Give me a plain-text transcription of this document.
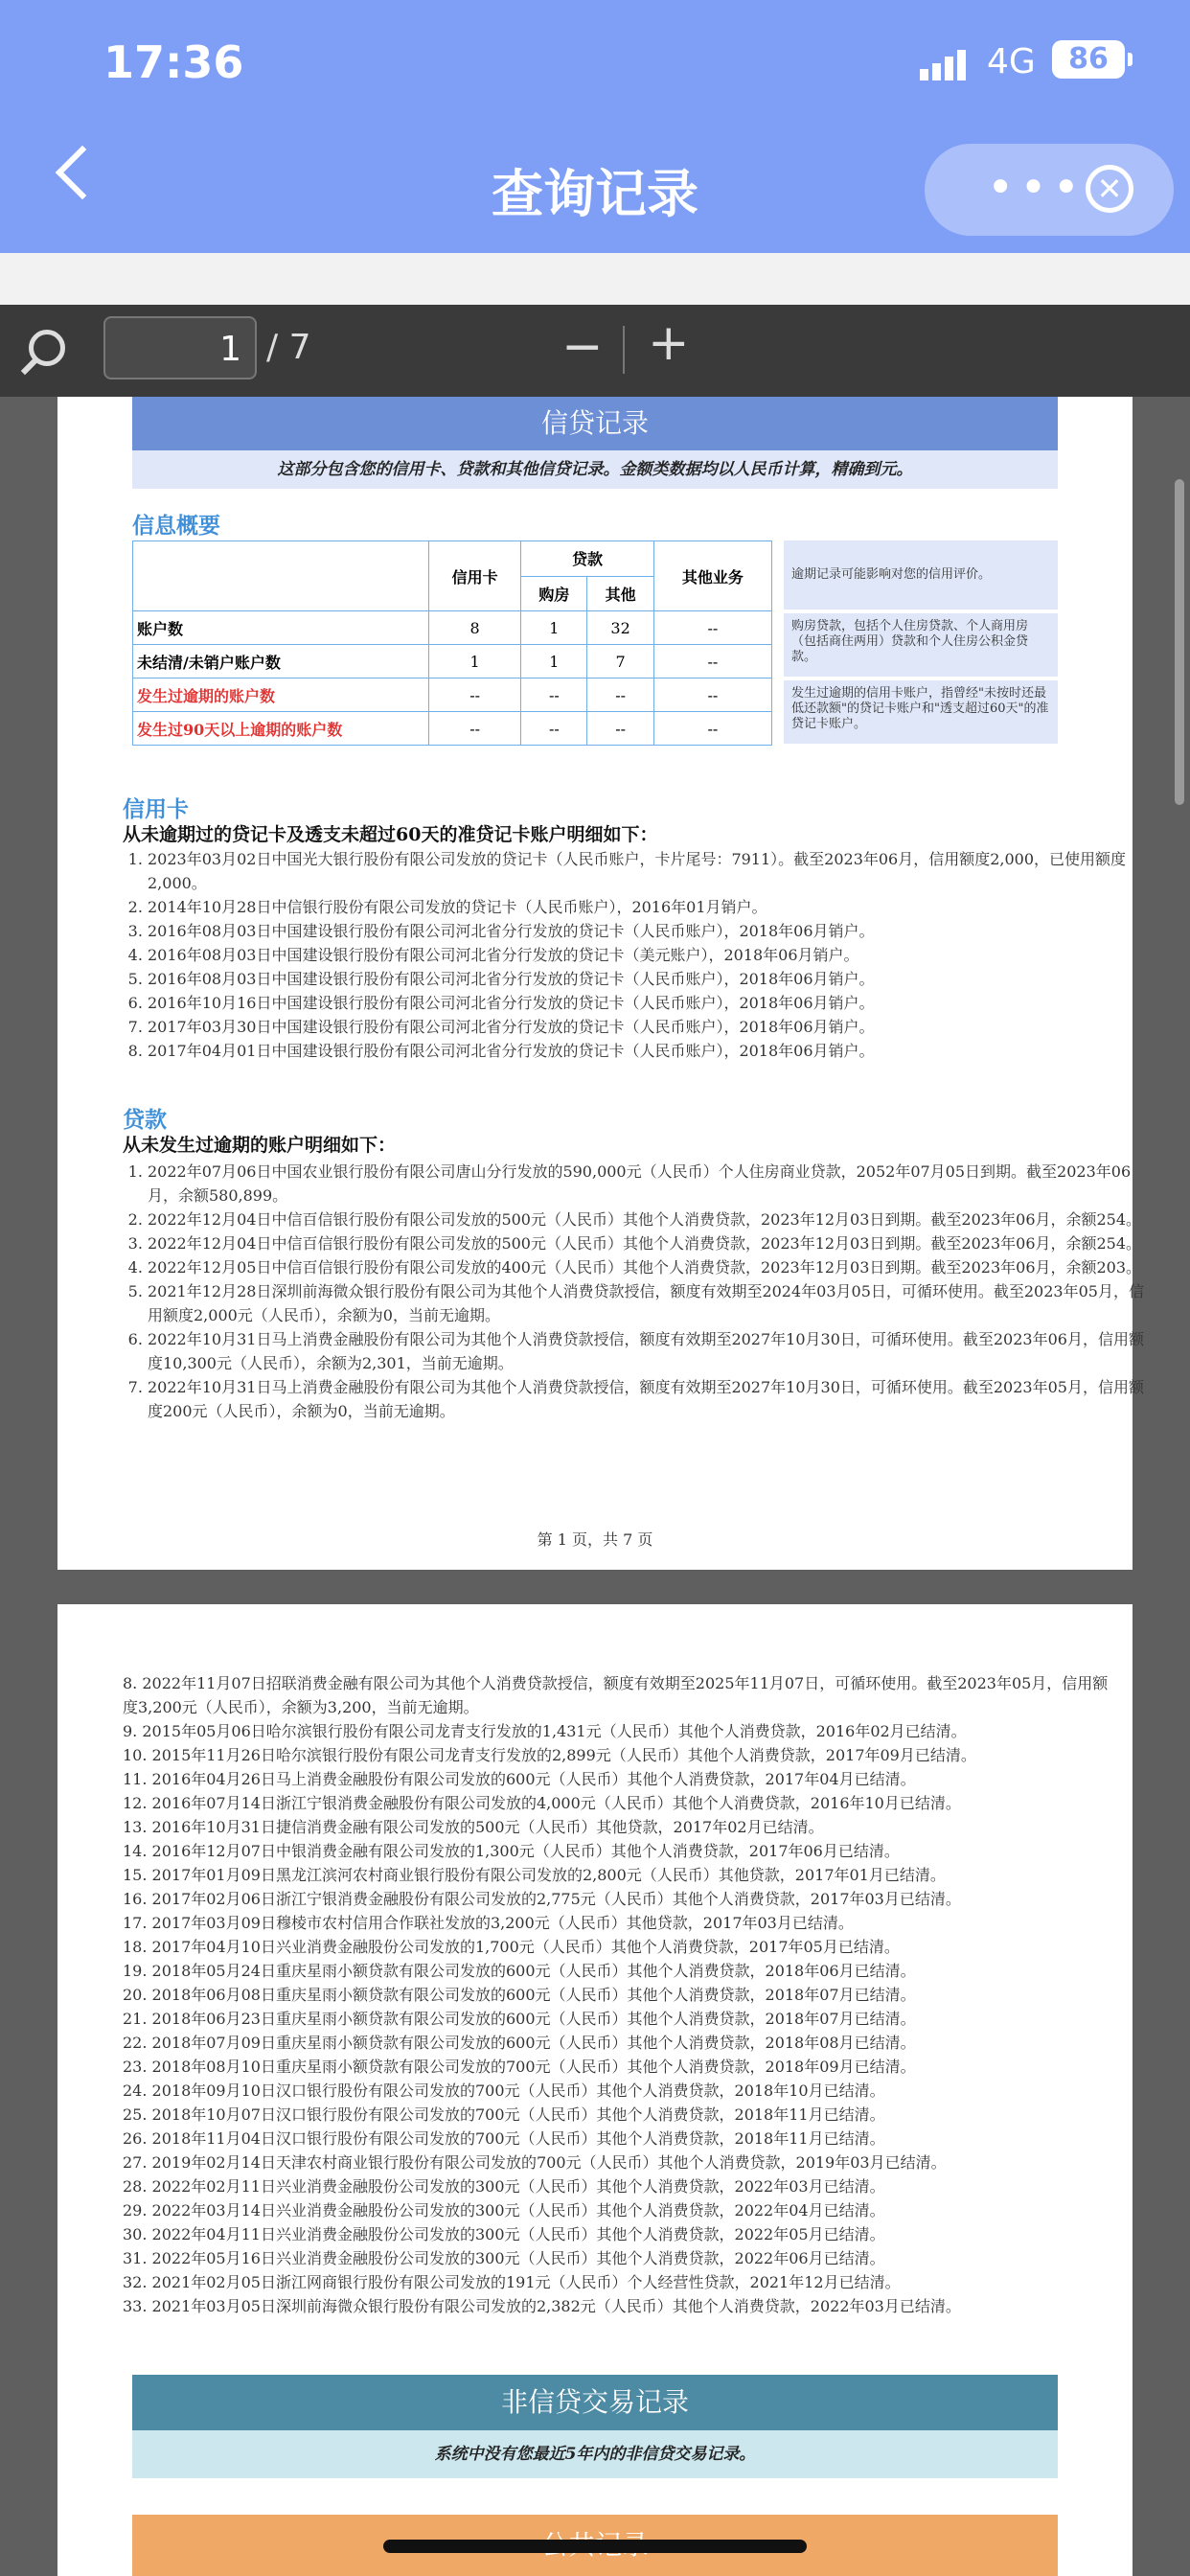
17:36	4G	86
查询记录	••• ✕
1 / 7	− +
信贷记录
这部分包含您的信用卡、贷款和其他信贷记录。金额类数据均以人民币计算，精确到元。
信息概要
	信用卡	贷款		其他业务
		购房	其他	
账户数	8	1	32	--
未结清/未销户账户数	1	1	7	--
发生过逾期的账户数	--	--	--	--
发生过90天以上逾期的账户数	--	--	--	--
逾期记录可能影响对您的信用评价。
购房贷款，包括个人住房贷款、个人商用房（包括商住两用）贷款和个人住房公积金贷款。
发生过逾期的信用卡账户，指曾经"未按时还最低还款额"的贷记卡账户和"透支超过60天"的准贷记卡账户。
信用卡
从未逾期过的贷记卡及透支未超过60天的准贷记卡账户明细如下：
1. 2023年03月02日中国光大银行股份有限公司发放的贷记卡（人民币账户，卡片尾号：7911）。截至2023年06月，信用额度2,000，已使用额度2,000。
2. 2014年10月28日中信银行股份有限公司发放的贷记卡（人民币账户），2016年01月销户。
3. 2016年08月03日中国建设银行股份有限公司河北省分行发放的贷记卡（人民币账户），2018年06月销户。
4. 2016年08月03日中国建设银行股份有限公司河北省分行发放的贷记卡（美元账户），2018年06月销户。
5. 2016年08月03日中国建设银行股份有限公司河北省分行发放的贷记卡（人民币账户），2018年06月销户。
6. 2016年10月16日中国建设银行股份有限公司河北省分行发放的贷记卡（人民币账户），2018年06月销户。
7. 2017年03月30日中国建设银行股份有限公司河北省分行发放的贷记卡（人民币账户），2018年06月销户。
8. 2017年04月01日中国建设银行股份有限公司河北省分行发放的贷记卡（人民币账户），2018年06月销户。
贷款
从未发生过逾期的账户明细如下：
1. 2022年07月06日中国农业银行股份有限公司唐山分行发放的590,000元（人民币）个人住房商业贷款，2052年07月05日到期。截至2023年06月，余额580,899。
2. 2022年12月04日中信百信银行股份有限公司发放的500元（人民币）其他个人消费贷款，2023年12月03日到期。截至2023年06月，余额254。
3. 2022年12月04日中信百信银行股份有限公司发放的500元（人民币）其他个人消费贷款，2023年12月03日到期。截至2023年06月，余额254。
4. 2022年12月05日中信百信银行股份有限公司发放的400元（人民币）其他个人消费贷款，2023年12月03日到期。截至2023年06月，余额203。
5. 2021年12月28日深圳前海微众银行股份有限公司为其他个人消费贷款授信，额度有效期至2024年03月05日，可循环使用。截至2023年05月，信用额度2,000元（人民币），余额为0，当前无逾期。
6. 2022年10月31日马上消费金融股份有限公司为其他个人消费贷款授信，额度有效期至2027年10月30日，可循环使用。截至2023年06月，信用额度10,300元（人民币），余额为2,301，当前无逾期。
7. 2022年10月31日马上消费金融股份有限公司为其他个人消费贷款授信，额度有效期至2027年10月30日，可循环使用。截至2023年05月，信用额度200元（人民币），余额为0，当前无逾期。
第 1 页，共 7 页
8. 2022年11月07日招联消费金融有限公司为其他个人消费贷款授信，额度有效期至2025年11月07日，可循环使用。截至2023年05月，信用额度3,200元（人民币），余额为3,200，当前无逾期。
9. 2015年05月06日哈尔滨银行股份有限公司龙青支行发放的1,431元（人民币）其他个人消费贷款，2016年02月已结清。
10. 2015年11月26日哈尔滨银行股份有限公司龙青支行发放的2,899元（人民币）其他个人消费贷款，2017年09月已结清。
11. 2016年04月26日马上消费金融股份有限公司发放的600元（人民币）其他个人消费贷款，2017年04月已结清。
12. 2016年07月14日浙江宁银消费金融股份有限公司发放的4,000元（人民币）其他个人消费贷款，2016年10月已结清。
13. 2016年10月31日捷信消费金融有限公司发放的500元（人民币）其他贷款，2017年02月已结清。
14. 2016年12月07日中银消费金融有限公司发放的1,300元（人民币）其他个人消费贷款，2017年06月已结清。
15. 2017年01月09日黑龙江滨河农村商业银行股份有限公司发放的2,800元（人民币）其他贷款，2017年01月已结清。
16. 2017年02月06日浙江宁银消费金融股份有限公司发放的2,775元（人民币）其他个人消费贷款，2017年03月已结清。
17. 2017年03月09日穆棱市农村信用合作联社发放的3,200元（人民币）其他贷款，2017年03月已结清。
18. 2017年04月10日兴业消费金融股份公司发放的1,700元（人民币）其他个人消费贷款，2017年05月已结清。
19. 2018年05月24日重庆星雨小额贷款有限公司发放的600元（人民币）其他个人消费贷款，2018年06月已结清。
20. 2018年06月08日重庆星雨小额贷款有限公司发放的600元（人民币）其他个人消费贷款，2018年07月已结清。
21. 2018年06月23日重庆星雨小额贷款有限公司发放的600元（人民币）其他个人消费贷款，2018年07月已结清。
22. 2018年07月09日重庆星雨小额贷款有限公司发放的600元（人民币）其他个人消费贷款，2018年08月已结清。
23. 2018年08月10日重庆星雨小额贷款有限公司发放的700元（人民币）其他个人消费贷款，2018年09月已结清。
24. 2018年09月10日汉口银行股份有限公司发放的700元（人民币）其他个人消费贷款，2018年10月已结清。
25. 2018年10月07日汉口银行股份有限公司发放的700元（人民币）其他个人消费贷款，2018年11月已结清。
26. 2018年11月04日汉口银行股份有限公司发放的700元（人民币）其他个人消费贷款，2018年11月已结清。
27. 2019年02月14日天津农村商业银行股份有限公司发放的700元（人民币）其他个人消费贷款，2019年03月已结清。
28. 2022年02月11日兴业消费金融股份公司发放的300元（人民币）其他个人消费贷款，2022年03月已结清。
29. 2022年03月14日兴业消费金融股份公司发放的300元（人民币）其他个人消费贷款，2022年04月已结清。
30. 2022年04月11日兴业消费金融股份公司发放的300元（人民币）其他个人消费贷款，2022年05月已结清。
31. 2022年05月16日兴业消费金融股份公司发放的300元（人民币）其他个人消费贷款，2022年06月已结清。
32. 2021年02月05日浙江网商银行股份有限公司发放的191元（人民币）个人经营性贷款，2021年12月已结清。
33. 2021年03月05日深圳前海微众银行股份有限公司发放的2,382元（人民币）其他个人消费贷款，2022年03月已结清。
非信贷交易记录
系统中没有您最近5年内的非信贷交易记录。
